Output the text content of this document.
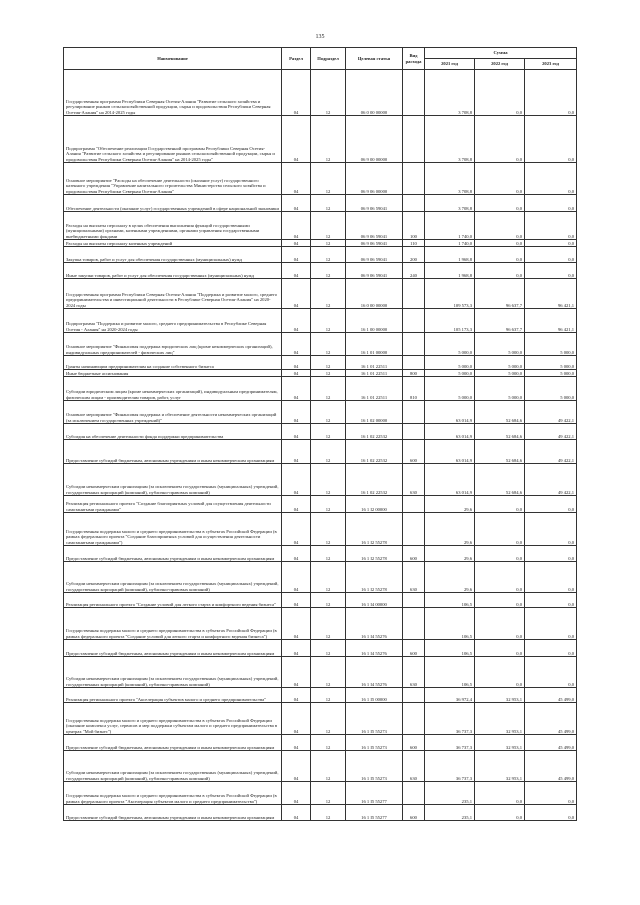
135
Наименование	Раздел	Подраздел	Целевая статья	Вид расхода	Сумма		
					2021 год	2022 год	2023 год
Государственная программа Республики Северная Осетия-Алания "Развитие сельского хозяйства и регулирование рынков сельскохозяйственной продукции, сырья и продовольствия Республики Северная Осетия-Алания" на 2014-2025 годы	04	12	06 0 00 00000		3 708,8	0,0	0,0
Подпрограмма "Обеспечение реализации Государственной программы Республики Северная Осетия-Алания "Развитие сельского хозяйства и регулирование рынков сельскохозяйственной продукции, сырья и продовольствия Республики Северная Осетия-Алания" на 2014-2025 годы"	04	12	06 9 00 00000		3 708,8	0,0	0,0
Основное мероприятие "Расходы на обеспечение деятельности (оказание услуг) государственного казенного учреждения "Управление капитального строительства Министерства сельского хозяйства и продовольствия Республики Северная Осетия-Алания"	04	12	06 9 06 00000		3 708,8	0,0	0,0
Обеспечение деятельности (оказание услуг) государственных учреждений в сфере национальной экономики	04	12	06 9 06 59041		3 708,8	0,0	0,0
Расходы на выплаты персоналу в целях обеспечения выполнения функций государственными (муниципальными) органами, казенными учреждениями, органами управления государственными внебюджетными фондами	04	12	06 9 06 59041	100	1 740,0	0,0	0,0
Расходы на выплаты персоналу казенных учреждений	04	12	06 9 06 59041	110	1 740,0	0,0	0,0
Закупка товаров, работ и услуг для обеспечения государственных (муниципальных) нужд	04	12	06 9 06 59041	200	1 968,8	0,0	0,0
Иные закупки товаров, работ и услуг для обеспечения государственных (муниципальных) нужд	04	12	06 9 06 59041	240	1 968,8	0,0	0,0
Государственная программа Республики Северная Осетия-Алания "Поддержка и развитие малого, среднего предпринимательства и инвестиционной деятельности в Республике Северная Осетия-Алания" на 2020-2024 годы	04	12	16 0 00 00000		109 573,3	96 637,7	96 421,1
Подпрограмма "Поддержка и развитие малого, среднего предпринимательства в Республике Северная Осетия - Алания" на 2020-2024 годы	04	12	16 1 00 00000		105 173,3	96 637,7	96 421,1
Основное мероприятие "Финансовая поддержка юридических лиц (кроме некоммерческих организаций), индивидуальных предпринимателей - физических лиц"	04	12	16 1 01 00000		5 000,0	5 000,0	5 000,0
Гранты начинающим предпринимателям на создание собственного бизнеса	04	12	16 1 01 22511		5 000,0	5 000,0	5 000,0
Иные бюджетные ассигнования	04	12	16 1 01 22511	800	5 000,0	5 000,0	5 000,0
Субсидии юридическим лицам (кроме некоммерческих организаций), индивидуальным предпринимателям, физическим лицам - производителям товаров, работ, услуг	04	12	16 1 01 22511	810	5 000,0	5 000,0	5 000,0
Основное мероприятие "Финансовая поддержка и обеспечение деятельности некоммерческих организаций (за исключением государственных учреждений)"	04	12	16 1 02 00000		63 014,9	52 684,6	49 422,1
Субсидия на обеспечение деятельности фонда поддержки предпринимательства	04	12	16 1 02 22532		63 014,9	52 684,6	49 422,1
Предоставление субсидий бюджетным, автономным учреждениям и иным некоммерческим организациям	04	12	16 1 02 22532	600	63 014,9	52 684,6	49 422,1
Субсидии некоммерческим организациям (за исключением государственных (муниципальных) учреждений, государственных корпораций (компаний), публично-правовых компаний)	04	12	16 1 02 22532	630	63 014,9	52 684,6	49 422,1
Реализация регионального проекта "Создание благоприятных условий для осуществления деятельности самозанятыми гражданами"	04	12	16 1 I2 00000		29,6	0,0	0,0
Государственная поддержка малого и среднего предпринимательства в субъектах Российской Федерации (в рамках федерального проекта "Создание благоприятных условий для осуществления деятельности самозанятыми гражданами")	04	12	16 1 I2 55278		29,6	0,0	0,0
Предоставление субсидий бюджетным, автономным учреждениям и иным некоммерческим организациям	04	12	16 1 I2 55278	600	29,6	0,0	0,0
Субсидии некоммерческим организациям (за исключением государственных (муниципальных) учреждений, государственных корпораций (компаний), публично-правовых компаний)	04	12	16 1 I2 55278	630	29,6	0,0	0,0
Реализация регионального проекта "Создание условий для легкого старта и комфортного ведения бизнеса"	04	12	16 1 I4 00000		106,5	0,0	0,0
Государственная поддержка малого и среднего предпринимательства в субъектах Российской Федерации (в рамках федерального проекта "Создание условий для легкого старта и комфортного ведения бизнеса")	04	12	16 1 I4 55276		106,5	0,0	0,0
Предоставление субсидий бюджетным, автономным учреждениям и иным некоммерческим организациям	04	12	16 1 I4 55276	600	106,5	0,0	0,0
Субсидии некоммерческим организациям (за исключением государственных (муниципальных) учреждений, государственных корпораций (компаний), публично-правовых компаний)	04	12	16 1 I4 55276	630	106,5	0,0	0,0
Реализация регионального проекта "Акселерация субъектов малого и среднего предпринимательства"	04	12	16 1 I5 00000		36 972,4	32 953,1	45 499,0
Государственная поддержка малого и среднего предпринимательства в субъектах Российской Федерации (оказание комплекса услуг, сервисов и мер поддержки субъектам малого и среднего предпринимательства в центрах "Мой бизнес")	04	12	16 1 I5 55273		36 737,3	32 953,1	45 499,0
Предоставление субсидий бюджетным, автономным учреждениям и иным некоммерческим организациям	04	12	16 1 I5 55273	600	36 737,3	32 953,1	45 499,0
Субсидии некоммерческим организациям (за исключением государственных (муниципальных) учреждений, государственных корпораций (компаний), публично-правовых компаний)	04	12	16 1 I5 55273	630	36 737,3	32 953,1	45 499,0
Государственная поддержка малого и среднего предпринимательства в субъектах Российской Федерации (в рамках федерального проекта "Акселерация субъектов малого и среднего предпринимательства")	04	12	16 1 I5 55277		235,1	0,0	0,0
Предоставление субсидий бюджетным, автономным учреждениям и иным некоммерческим организациям	04	12	16 1 I5 55277	600	235,1	0,0	0,0
